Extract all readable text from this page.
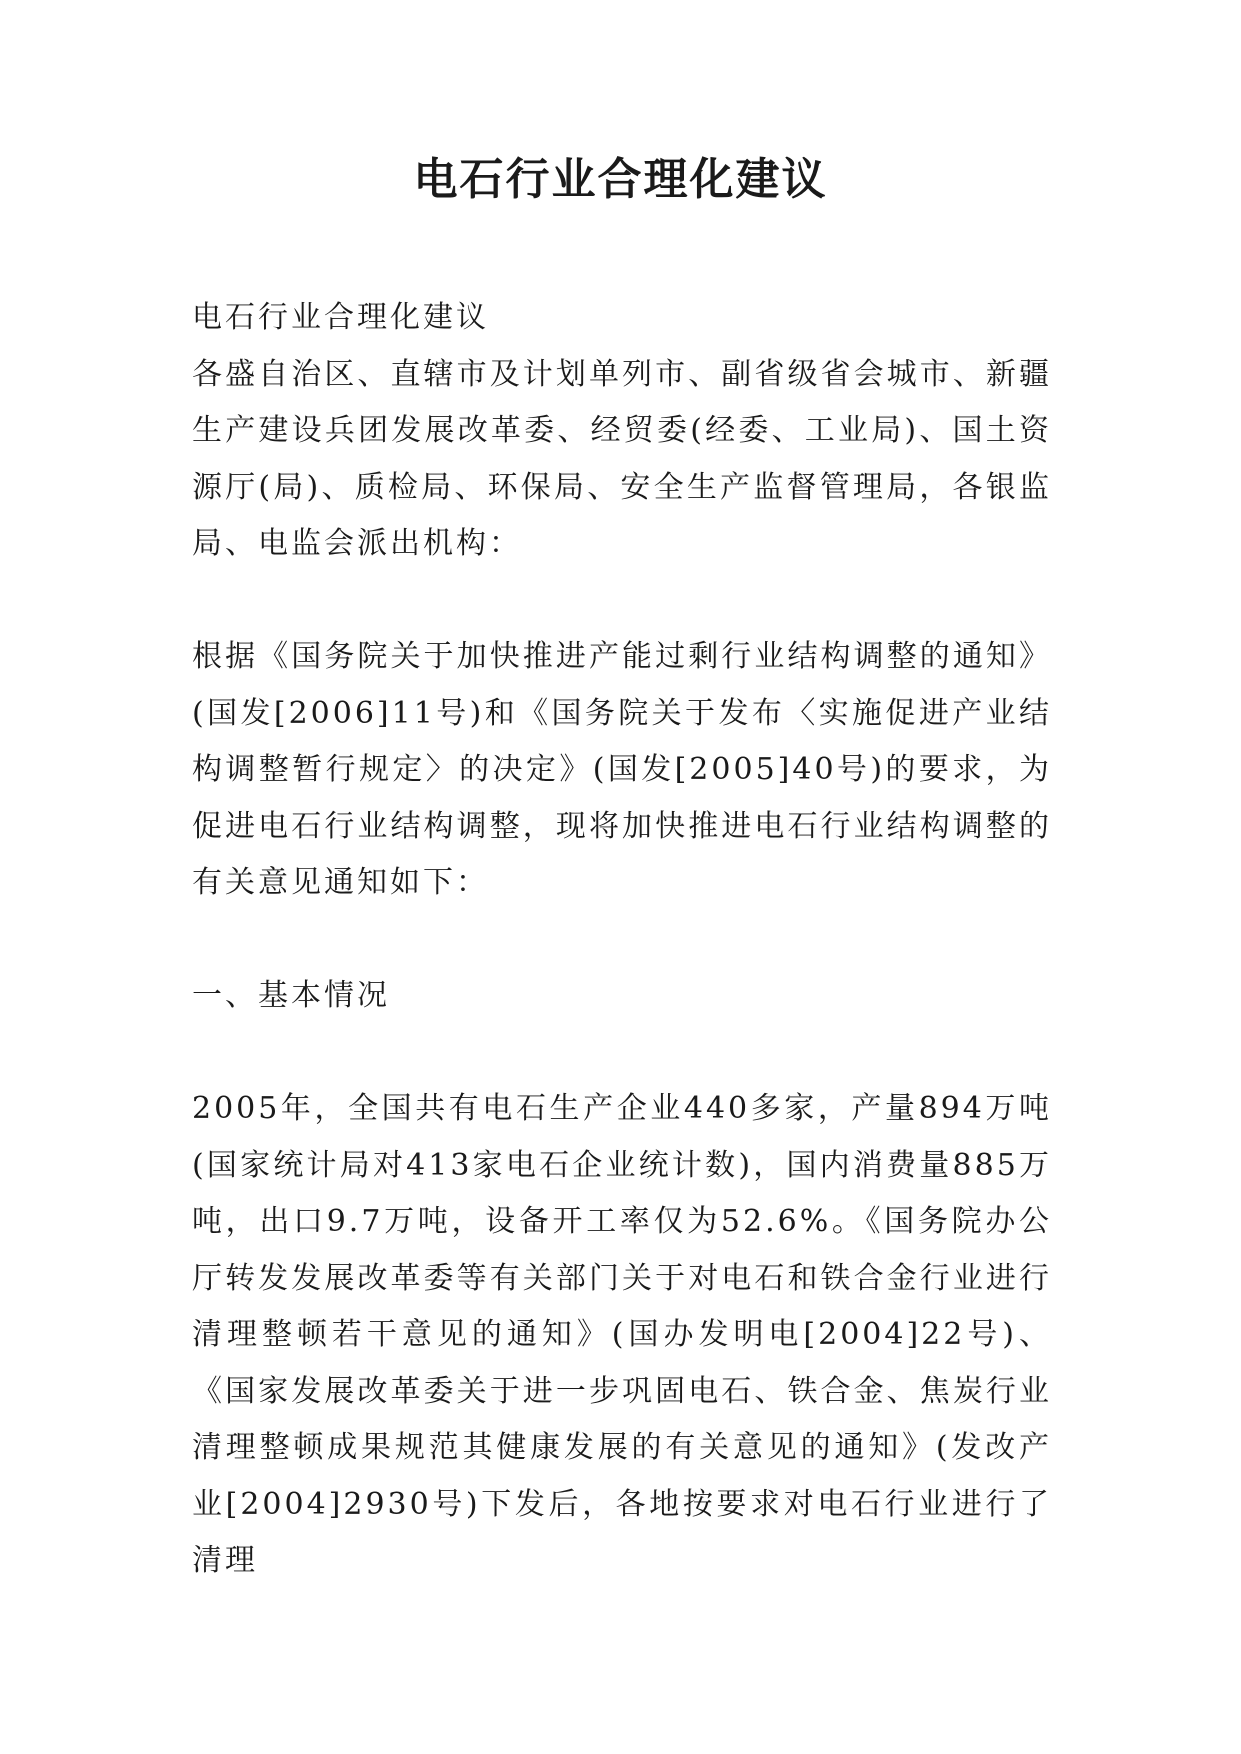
电石行业合理化建议

电石行业合理化建议

各盛自治区、直辖市及计划单列市、副省级省会城市、新疆生产建设兵团发展改革委、经贸委(经委、工业局)、国土资源厅(局)、质检局、环保局、安全生产监督管理局，各银监局、电监会派出机构：

根据《国务院关于加快推进产能过剩行业结构调整的通知》(国发[2006]11号)和《国务院关于发布〈实施促进产业结构调整暂行规定〉的决定》(国发[2005]40号)的要求，为促进电石行业结构调整，现将加快推进电石行业结构调整的有关意见通知如下：

一、基本情况

2005年，全国共有电石生产企业440多家，产量894万吨(国家统计局对413家电石企业统计数)，国内消费量885万吨，出口9.7万吨，设备开工率仅为52.6%。《国务院办公厅转发发展改革委等有关部门关于对电石和铁合金行业进行清理整顿若干意见的通知》(国办发明电[2004]22号)、《国家发展改革委关于进一步巩固电石、铁合金、焦炭行业清理整顿成果规范其健康发展的有关意见的通知》(发改产业[2004]2930号)下发后，各地按要求对电石行业进行了清理
